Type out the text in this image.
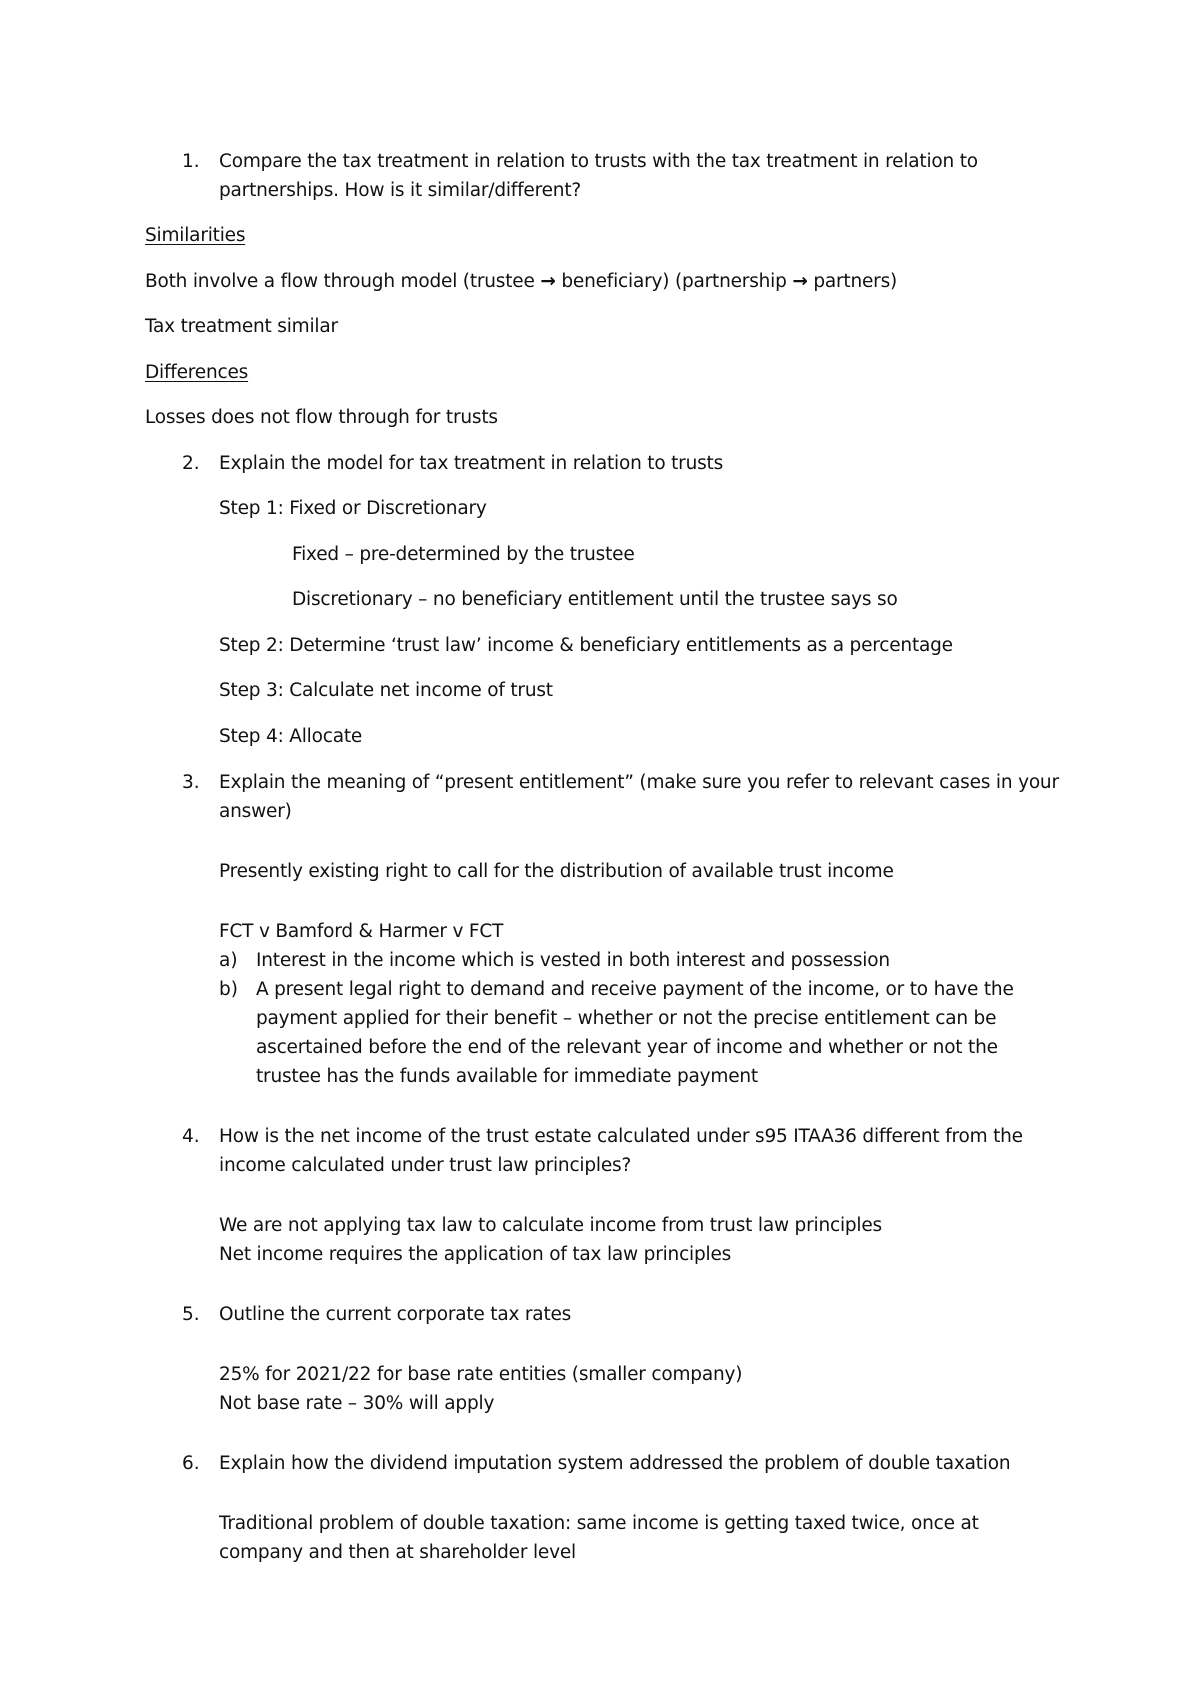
1. Compare the tax treatment in relation to trusts with the tax treatment in relation to
partnerships. How is it similar/different?
Similarities
Both involve a flow through model (trustee → beneficiary) (partnership → partners)
Tax treatment similar
Differences
Losses does not flow through for trusts
2. Explain the model for tax treatment in relation to trusts
Step 1: Fixed or Discretionary
Fixed – pre-determined by the trustee
Discretionary – no beneficiary entitlement until the trustee says so
Step 2: Determine ‘trust law’ income & beneficiary entitlements as a percentage
Step 3: Calculate net income of trust
Step 4: Allocate
3. Explain the meaning of “present entitlement” (make sure you refer to relevant cases in your
answer)
Presently existing right to call for the distribution of available trust income
FCT v Bamford & Harmer v FCT
a) Interest in the income which is vested in both interest and possession
b) A present legal right to demand and receive payment of the income, or to have the
payment applied for their benefit – whether or not the precise entitlement can be
ascertained before the end of the relevant year of income and whether or not the
trustee has the funds available for immediate payment
4. How is the net income of the trust estate calculated under s95 ITAA36 different from the
income calculated under trust law principles?
We are not applying tax law to calculate income from trust law principles
Net income requires the application of tax law principles
5. Outline the current corporate tax rates
25% for 2021/22 for base rate entities (smaller company)
Not base rate – 30% will apply
6. Explain how the dividend imputation system addressed the problem of double taxation
Traditional problem of double taxation: same income is getting taxed twice, once at
company and then at shareholder level
